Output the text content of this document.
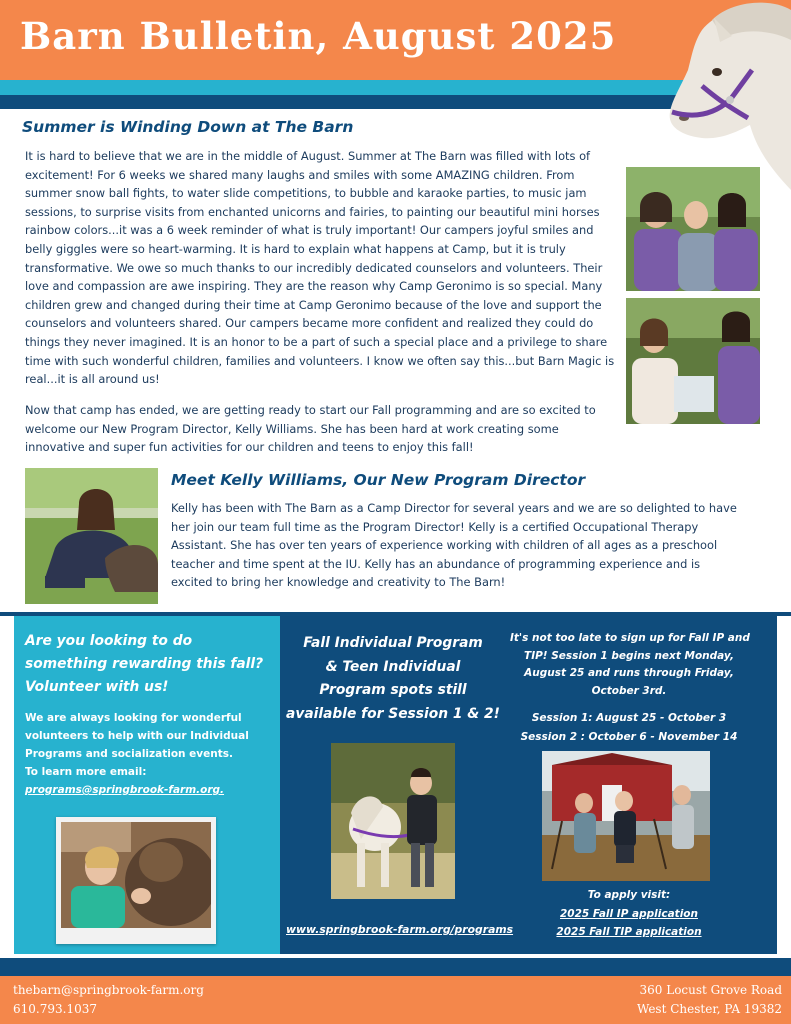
Barn Bulletin, August 2025
Summer is Winding Down at The Barn
It is hard to believe that we are in the middle of August. Summer at The Barn was filled with lots of excitement! For 6 weeks we shared many laughs and smiles with some AMAZING children. From summer snow ball fights, to water slide competitions, to bubble and karaoke parties, to music jam sessions, to surprise visits from enchanted unicorns and fairies, to painting our beautiful mini horses rainbow colors...it was a 6 week reminder of what is truly important! Our campers joyful smiles and belly giggles were so heart-warming. It is hard to explain what happens at Camp, but it is truly transformative. We owe so much thanks to our incredibly dedicated counselors and volunteers. Their love and compassion are awe inspiring. They are the reason why Camp Geronimo is so special. Many children grew and changed during their time at Camp Geronimo because of the love and support the counselors and volunteers shared. Our campers became more confident and realized they could do things they never imagined. It is an honor to be a part of such a special place and a privilege to share time with such wonderful children, families and volunteers. I know we often say this...but Barn Magic is real...it is all around us!
Now that camp has ended, we are getting ready to start our Fall programming and are so excited to welcome our New Program Director, Kelly Williams. She has been hard at work creating some innovative and super fun activities for our children and teens to enjoy this fall!
Meet Kelly Williams, Our New Program Director
Kelly has been with The Barn as a Camp Director for several years and we are so delighted to have her join our team full time as the Program Director! Kelly is a certified Occupational Therapy Assistant. She has over ten years of experience working with children of all ages as a preschool teacher and time spent at the IU. Kelly has an abundance of programming experience and is excited to bring her knowledge and creativity to The Barn!
Are you looking to do
something rewarding this fall?
Volunteer with us!
We are always looking for wonderful
volunteers to help with our Individual
Programs and socialization events.
To learn more email:
programs@springbrook-farm.org.
Fall Individual Program
& Teen Individual
Program spots still
available for Session 1 & 2!
www.springbrook-farm.org/programs
It's not too late to sign up for Fall IP and
TIP! Session 1 begins next Monday,
August 25 and runs through Friday,
October 3rd.
Session 1: August 25 - October 3
Session 2 : October 6 - November 14
To apply visit:
2025 Fall IP application
2025 Fall TIP application
thebarn@springbrook-farm.org
610.793.1037
360 Locust Grove Road
West Chester, PA 19382
